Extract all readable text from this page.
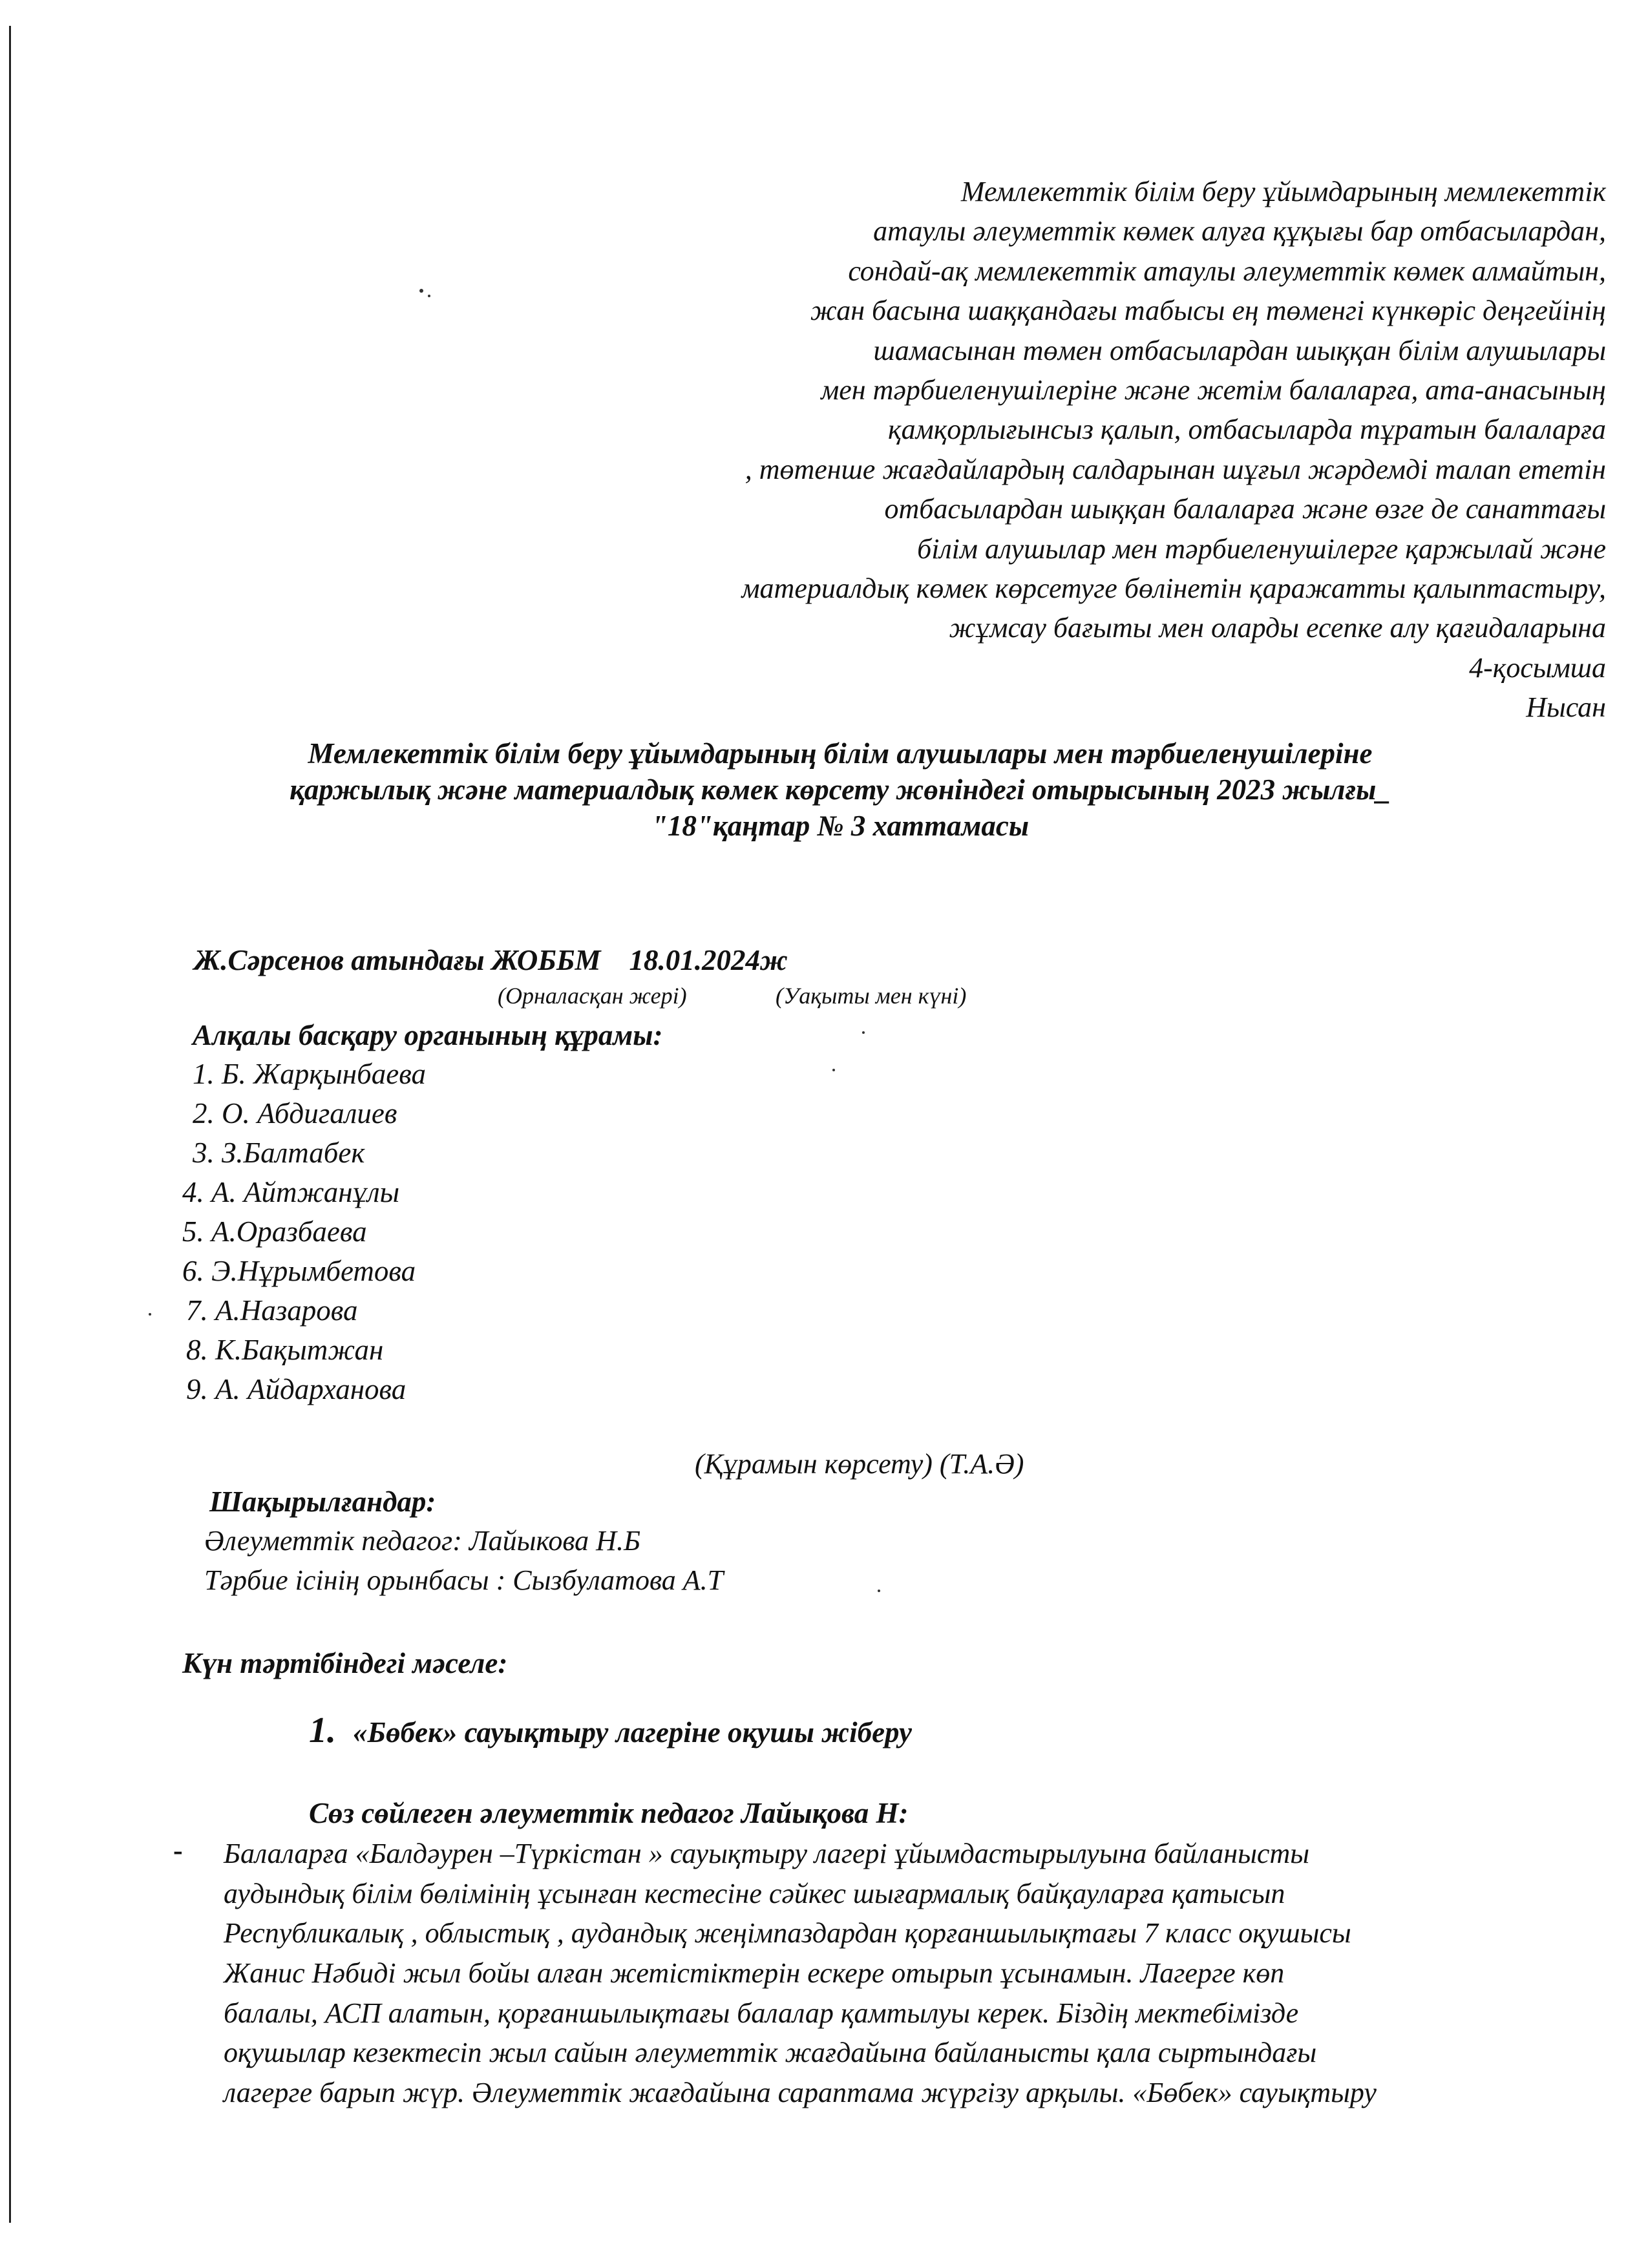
Мемлекеттік білім беру ұйымдарының мемлекеттік
атаулы әлеуметтік көмек алуға құқығы бар отбасылардан,
сондай-ақ мемлекеттік атаулы әлеуметтік көмек алмайтын,
жан басына шаққандағы табысы ең төменгі күнкөріс деңгейінің
шамасынан төмен отбасылардан шыққан білім алушылары
мен тәрбиеленушілеріне және жетім балаларға, ата-анасының
қамқорлығынсыз қалып, отбасыларда тұратын балаларға
, төтенше жағдайлардың салдарынан шұғыл жәрдемді талап ететін
отбасылардан шыққан балаларға және өзге де санаттағы
білім алушылар мен тәрбиеленушілерге қаржылай және
материалдық көмек көрсетуге бөлінетін қаражатты қалыптастыру,
жұмсау бағыты мен оларды есепке алу қағидаларына
4-қосымша
Нысан
Мемлекеттік білім беру ұйымдарының білім алушылары мен тәрбиеленушілеріне
қаржылық және материалдық көмек көрсету жөніндегі отырысының 2023 жылғы_
"18"қаңтар № 3 хаттамасы
Ж.Сәрсенов атындағы ЖОББМ 18.01.2024ж
(Орналасқан жері)	(Уақыты мен күні)
Алқалы басқару органының құрамы:
1. Б. Жарқынбаева
2. О. Абдигалиев
3. З.Балтабек
4. А. Айтжанұлы
5. А.Оразбаева
6. Э.Нұрымбетова
7. А.Назарова
8. К.Бақытжан
9. А. Айдарханова
(Құрамын көрсету) (Т.А.Ә)
Шақырылғандар:
Әлеуметтік педагог: Лайыкова Н.Б
Тәрбие ісінің орынбасы : Сызбулатова А.Т
Күн тәртібіндегі мәселе:
1. «Бөбек» сауықтыру лагеріне оқушы жіберу
Сөз сөйлеген әлеуметтік педагог Лайықова Н:
- Балаларға «Балдәурен –Түркістан » сауықтыру лагері ұйымдастырылуына байланысты
аудындық білім бөлімінің ұсынған кестесіне сәйкес шығармалық байқауларға қатысып
Республикалық , облыстық , аудандық жеңімпаздардан қорғаншылықтағы 7 класс оқушысы
Жанис Нәбиді жыл бойы алған жетістіктерін ескере отырып ұсынамын. Лагерге көп
балалы, АСП алатын, қорғаншылықтағы балалар қамтылуы керек. Біздің мектебімізде
оқушылар кезектесіп жыл сайын әлеуметтік жағдайына байланысты қала сыртындағы
лагерге барып жүр. Әлеуметтік жағдайына сараптама жүргізу арқылы. «Бөбек» сауықтыру
